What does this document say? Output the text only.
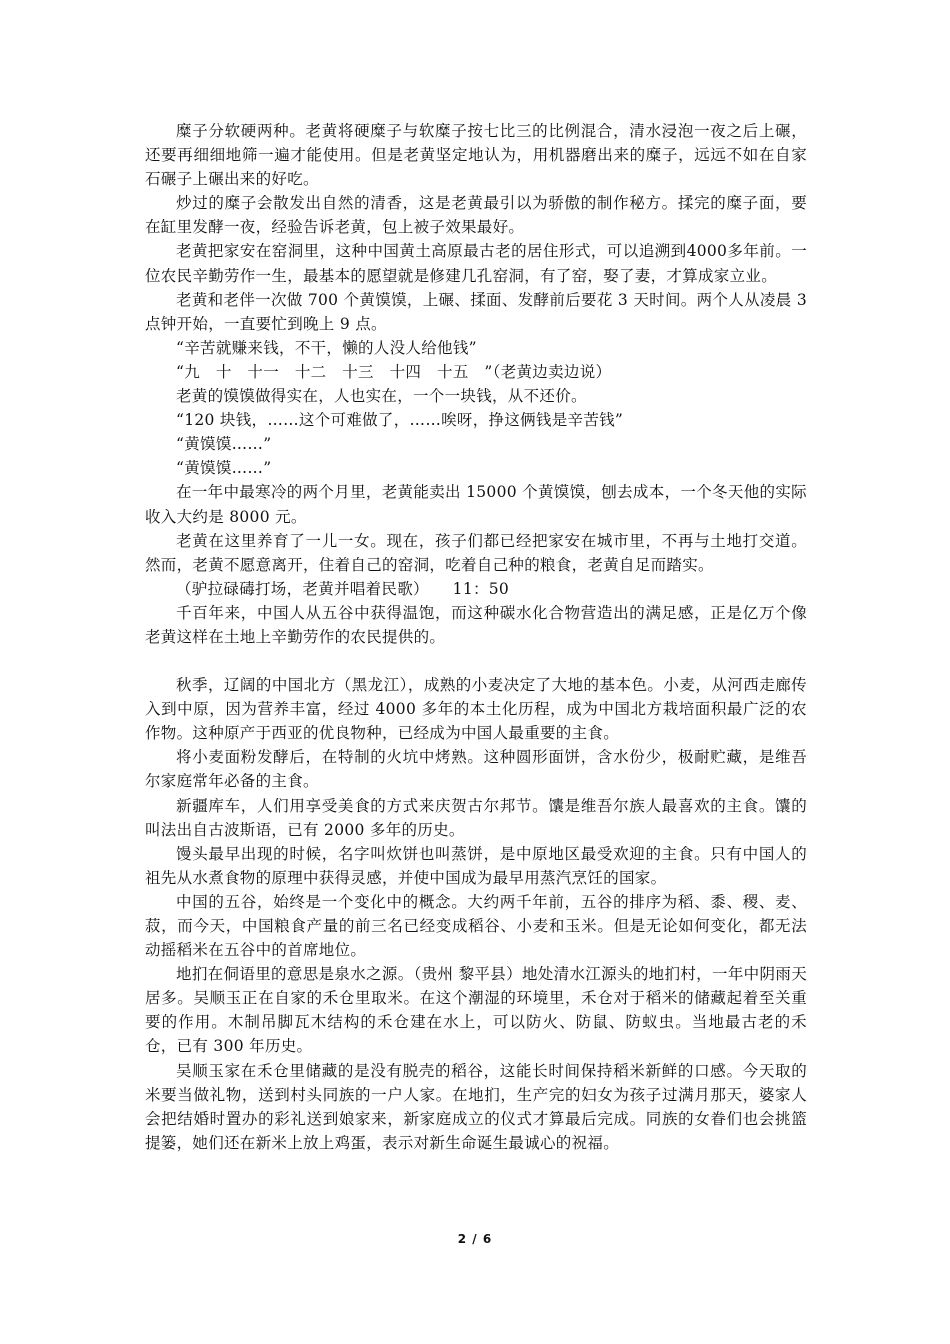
糜子分软硬两种。老黄将硬糜子与软糜子按七比三的比例混合，清水浸泡一夜之后上碾，还要再细细地筛一遍才能使用。但是老黄坚定地认为，用机器磨出来的糜子，远远不如在自家石碾子上碾出来的好吃。

炒过的糜子会散发出自然的清香，这是老黄最引以为骄傲的制作秘方。揉完的糜子面，要在缸里发酵一夜，经验告诉老黄，包上被子效果最好。

老黄把家安在窑洞里，这种中国黄土高原最古老的居住形式，可以追溯到4000多年前。一位农民辛勤劳作一生，最基本的愿望就是修建几孔窑洞，有了窑，娶了妻，才算成家立业。

老黄和老伴一次做 700 个黄馍馍，上碾、揉面、发酵前后要花 3 天时间。两个人从凌晨 3 点钟开始，一直要忙到晚上 9 点。

“辛苦就赚来钱，不干，懒的人没人给他钱”

“九　十　十一　十二　十三　十四　十五　”（老黄边卖边说）

老黄的馍馍做得实在，人也实在，一个一块钱，从不还价。

“120 块钱，……这个可难做了，……唉呀，挣这俩钱是辛苦钱”

“黄馍馍……”

“黄馍馍……”

在一年中最寒冷的两个月里，老黄能卖出 15000 个黄馍馍，刨去成本，一个冬天他的实际收入大约是 8000 元。

老黄在这里养育了一儿一女。现在，孩子们都已经把家安在城市里，不再与土地打交道。然而，老黄不愿意离开，住着自己的窑洞，吃着自己种的粮食，老黄自足而踏实。

（驴拉碌碡打场，老黄并唱着民歌）　　11：50

千百年来，中国人从五谷中获得温饱，而这种碳水化合物营造出的满足感，正是亿万个像老黄这样在土地上辛勤劳作的农民提供的。

秋季，辽阔的中国北方（黑龙江），成熟的小麦决定了大地的基本色。小麦，从河西走廊传入到中原，因为营养丰富，经过 4000 多年的本土化历程，成为中国北方栽培面积最广泛的农作物。这种原产于西亚的优良物种，已经成为中国人最重要的主食。

将小麦面粉发酵后，在特制的火坑中烤熟。这种圆形面饼，含水份少，极耐贮藏，是维吾尔家庭常年必备的主食。

新疆库车，人们用享受美食的方式来庆贺古尔邦节。馕是维吾尔族人最喜欢的主食。馕的叫法出自古波斯语，已有 2000 多年的历史。

馒头最早出现的时候，名字叫炊饼也叫蒸饼，是中原地区最受欢迎的主食。只有中国人的祖先从水煮食物的原理中获得灵感，并使中国成为最早用蒸汽烹饪的国家。

中国的五谷，始终是一个变化中的概念。大约两千年前，五谷的排序为稻、黍、稷、麦、菽，而今天，中国粮食产量的前三名已经变成稻谷、小麦和玉米。但是无论如何变化，都无法动摇稻米在五谷中的首席地位。

地扪在侗语里的意思是泉水之源。（贵州 黎平县）地处清水江源头的地扪村，一年中阴雨天居多。吴顺玉正在自家的禾仓里取米。在这个潮湿的环境里，禾仓对于稻米的储藏起着至关重要的作用。木制吊脚瓦木结构的禾仓建在水上，可以防火、防鼠、防蚁虫。当地最古老的禾仓，已有 300 年历史。

吴顺玉家在禾仓里储藏的是没有脱壳的稻谷，这能长时间保持稻米新鲜的口感。今天取的米要当做礼物，送到村头同族的一户人家。在地扪，生产完的妇女为孩子过满月那天，婆家人会把结婚时置办的彩礼送到娘家来，新家庭成立的仪式才算最后完成。同族的女眷们也会挑篮提篓，她们还在新米上放上鸡蛋，表示对新生命诞生最诚心的祝福。

2 / 6
